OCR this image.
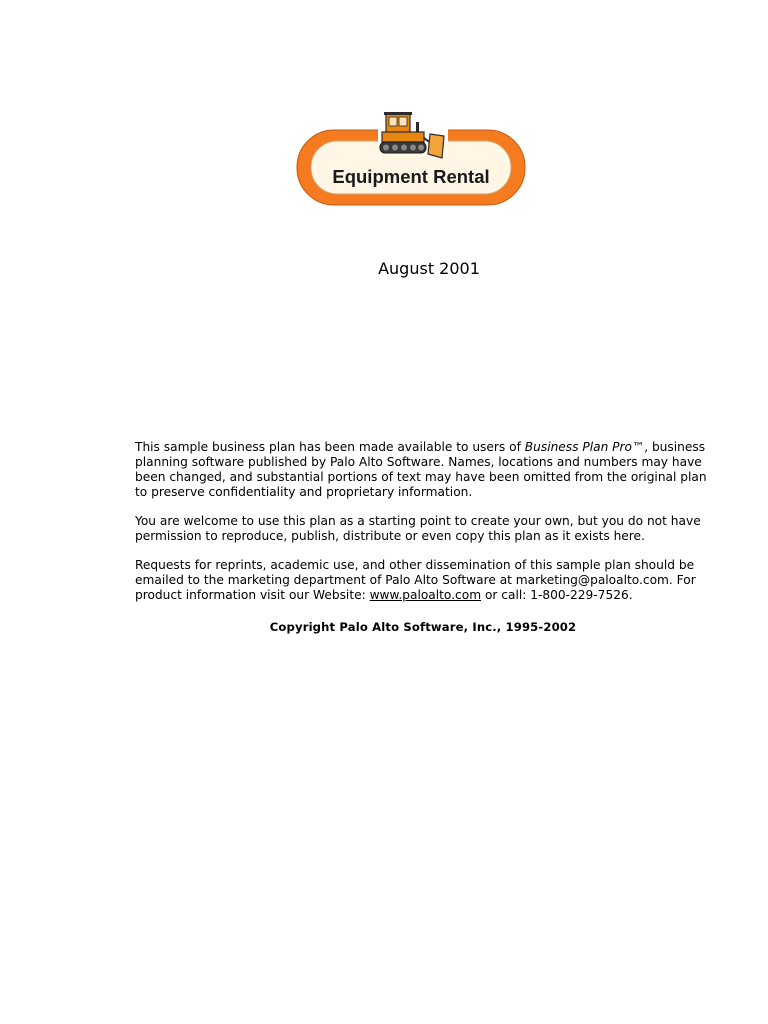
Equipment Rental
August 2001

This sample business plan has been made available to users of Business Plan Pro™, business planning software published by Palo Alto Software. Names, locations and numbers may have been changed, and substantial portions of text may have been omitted from the original plan to preserve confidentiality and proprietary information.

You are welcome to use this plan as a starting point to create your own, but you do not have permission to reproduce, publish, distribute or even copy this plan as it exists here.

Requests for reprints, academic use, and other dissemination of this sample plan should be emailed to the marketing department of Palo Alto Software at marketing@paloalto.com. For product information visit our Website: www.paloalto.com or call: 1-800-229-7526.

Copyright Palo Alto Software, Inc., 1995-2002
